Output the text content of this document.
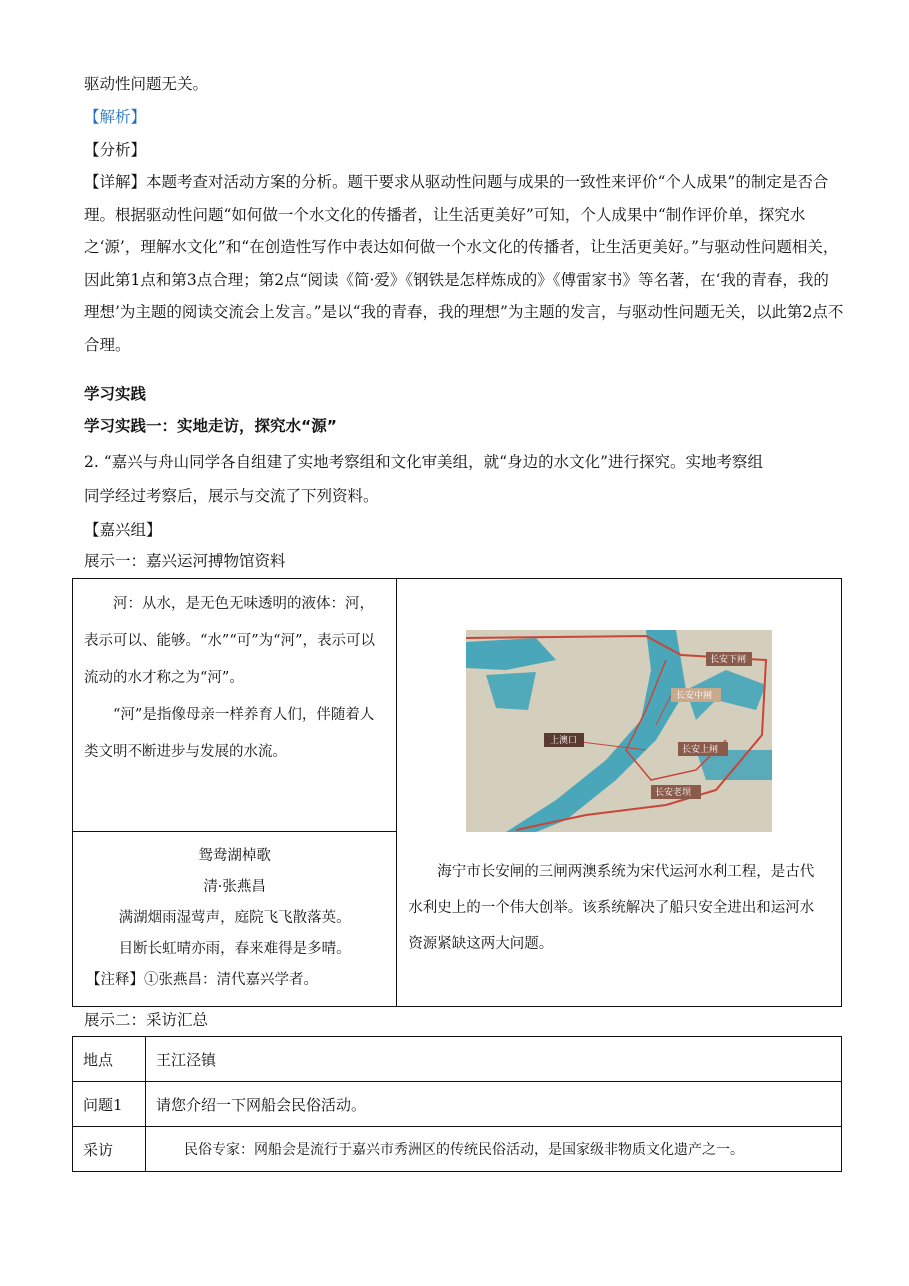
驱动性问题无关。
【解析】
【分析】

【详解】本题考查对活动方案的分析。题干要求从驱动性问题与成果的一致性来评价“个人成果”的制定是否合理。根据驱动性问题“如何做一个水文化的传播者，让生活更美好”可知，个人成果中“制作评价单，探究水之‘源’，理解水文化”和“在创造性写作中表达如何做一个水文化的传播者，让生活更美好。”与驱动性问题相关，因此第1点和第3点合理；第2点“阅读《简·爱》《钢铁是怎样炼成的》《傅雷家书》等名著，在‘我的青春，我的理想’为主题的阅读交流会上发言。”是以“我的青春，我的理想”为主题的发言，与驱动性问题无关，以此第2点不合理。

学习实践
学习实践一：实地走访，探究水“源”
2. “嘉兴与舟山同学各自组建了实地考察组和文化审美组，就“身边的水文化”进行探究。实地考察组
同学经过考察后，展示与交流了下列资料。
【嘉兴组】
展示一：嘉兴运河搏物馆资料
河：从水，是无色无味透明的液体：河，表示可以、能够。“水”“可”为“河”，表示可以流动的水才称之为“河”。
“河”是指像母亲一样养育人们，伴随着人类文明不断进步与发展的水流。

长安下闸
长安中闸
上澳口
长安上闸
长安老坝
海宁市长安闸的三闸两澳系统为宋代运河水利工程，是古代水利史上的一个伟大创举。该系统解决了船只安全进出和运河水资源紧缺这两大问题。

鸳鸯湖棹歌
清·张燕昌
满湖烟雨湿莺声，庭院飞飞散落英。
目断长虹晴亦雨，春来难得是多晴。
【注释】①张燕昌：清代嘉兴学者。
展示二：采访汇总
地点	王江泾镇
问题1	请您介绍一下网船会民俗活动。
采访	民俗专家：网船会是流行于嘉兴市秀洲区的传统民俗活动，是国家级非物质文化遗产之一。
